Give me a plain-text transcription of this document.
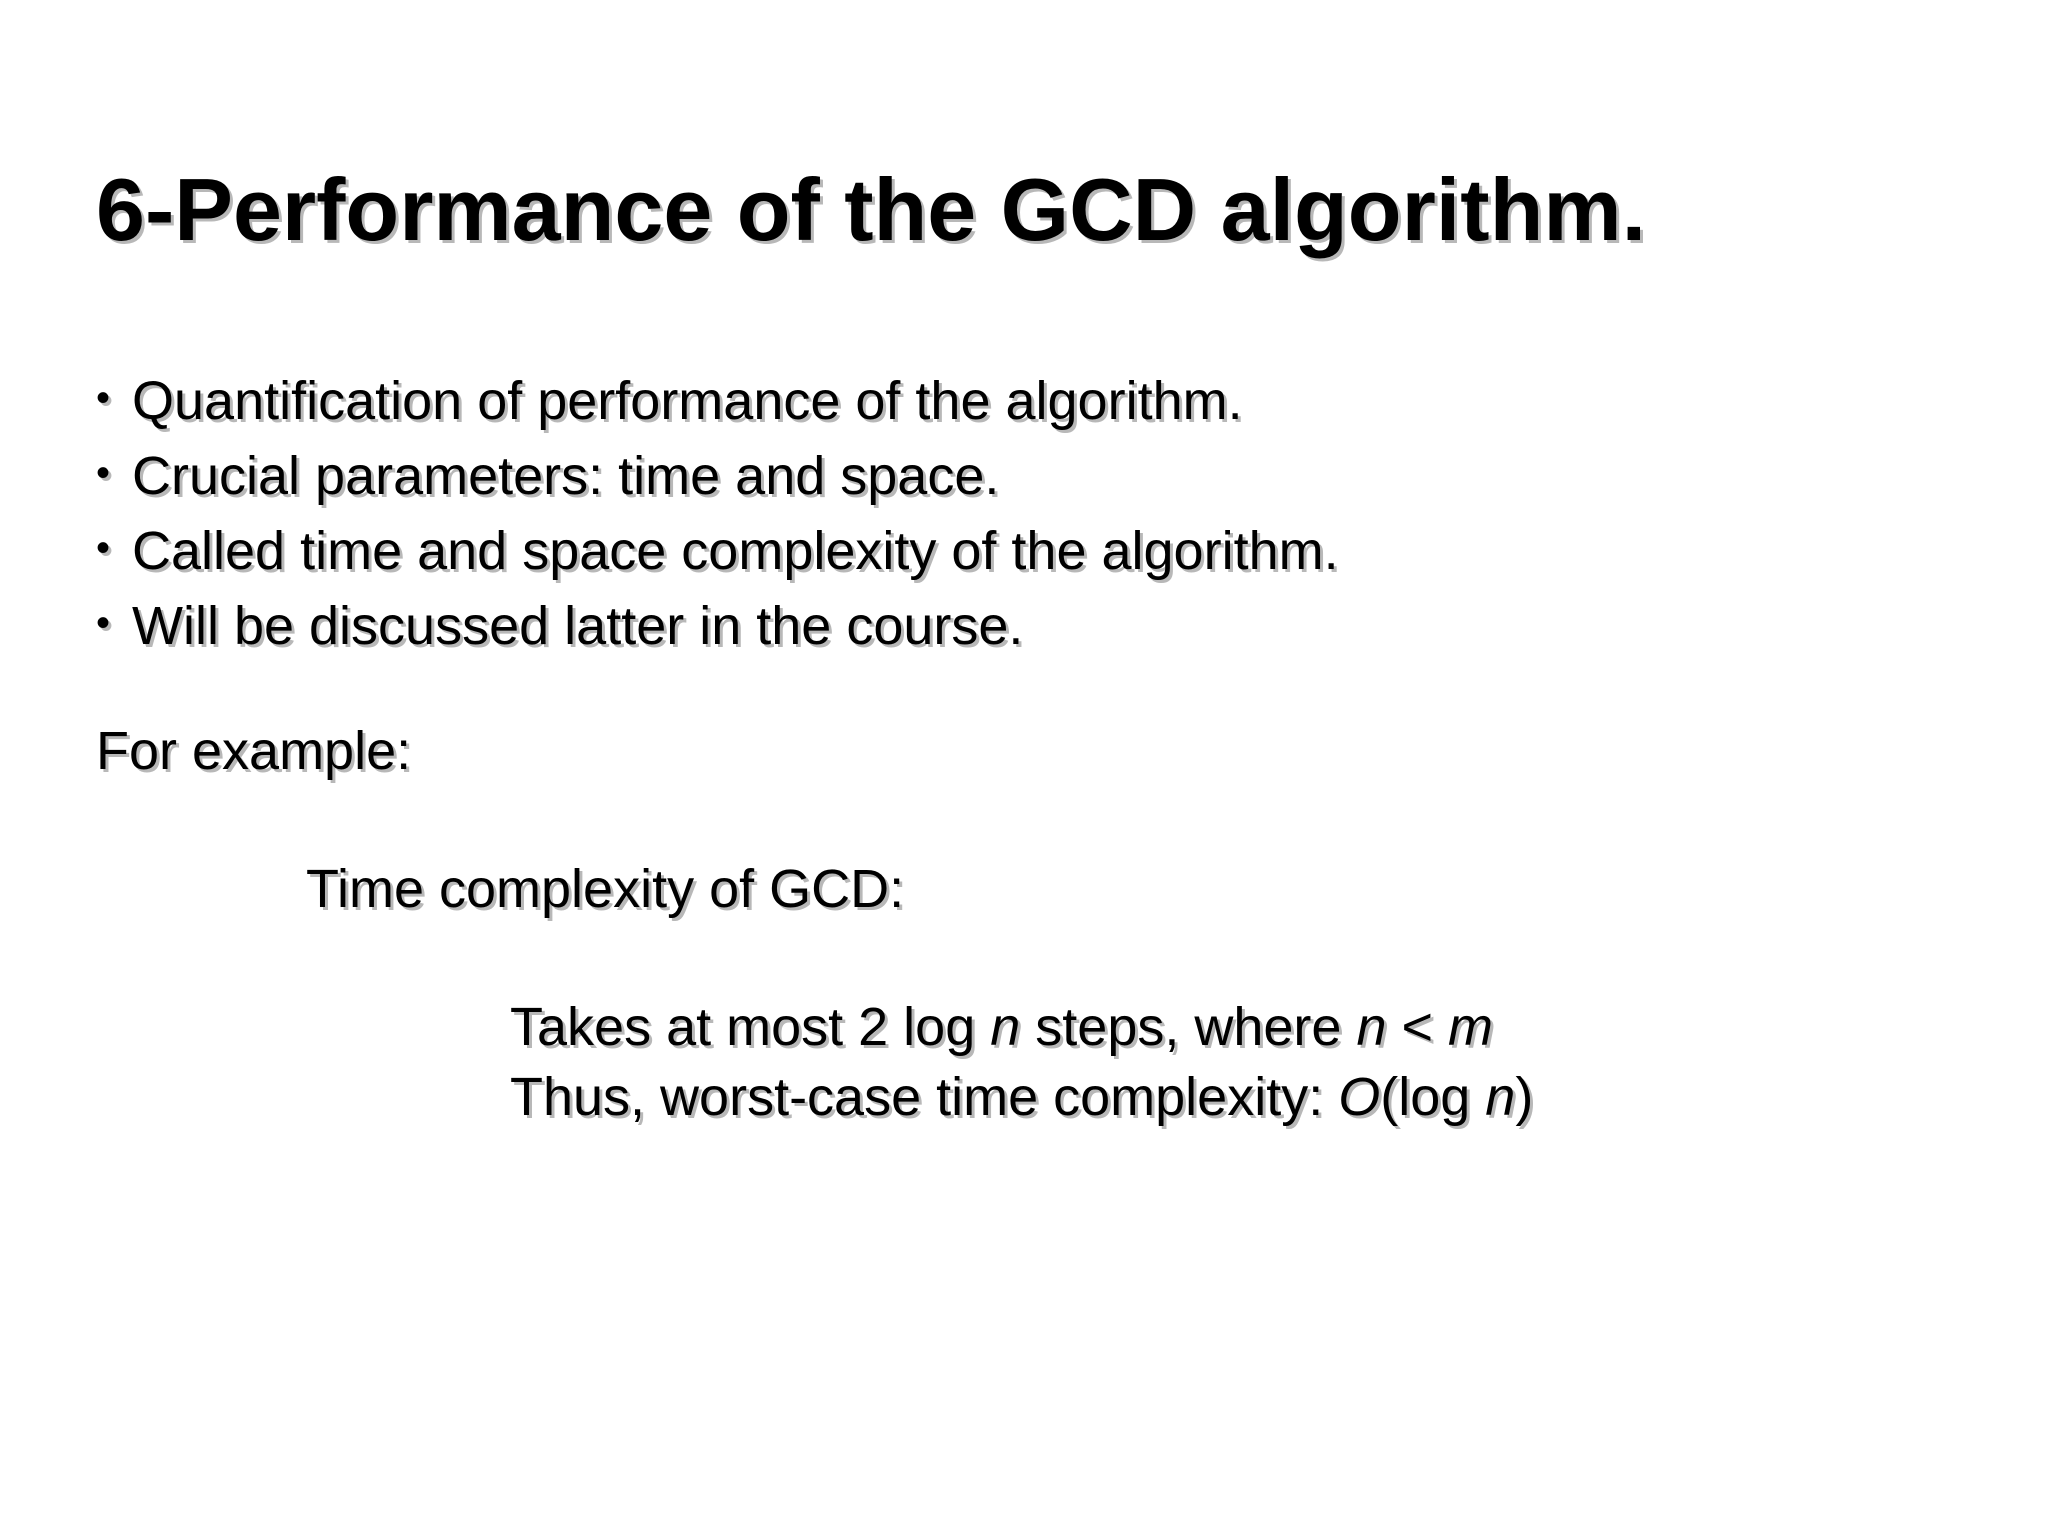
6-Performance of the GCD algorithm.
• Quantification of performance of the algorithm.
• Crucial parameters: time and space.
• Called time and space complexity of the algorithm.
• Will be discussed latter in the course.
For example:
Time complexity of GCD:
Takes at most 2 log n steps, where n < m
Thus, worst-case time complexity: O(log n)
